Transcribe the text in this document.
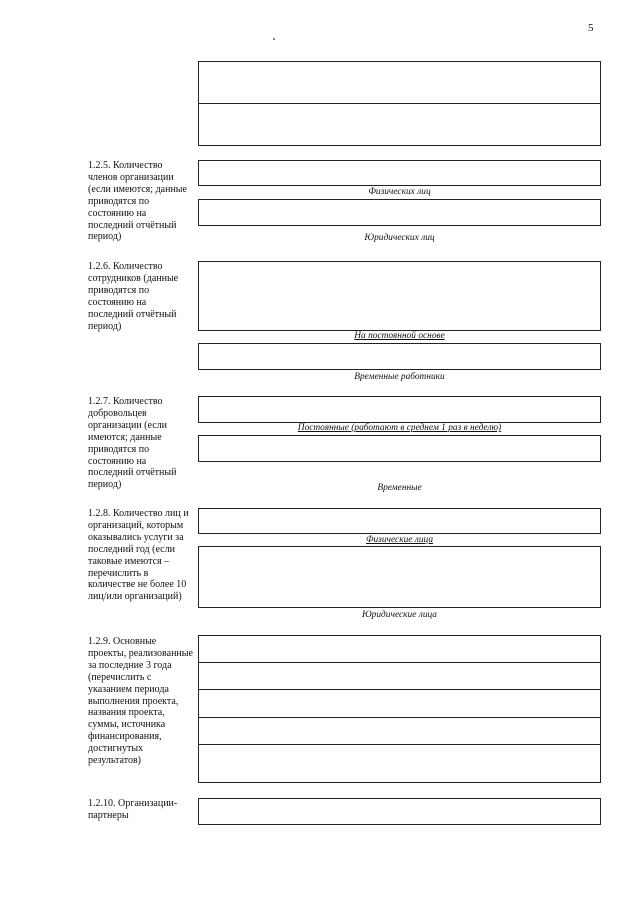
5
1.2.5. Количество членов организации (если имеются; данные приводятся по состоянию на последний отчётный период)
Физических лиц
Юридических лиц
1.2.6. Количество сотрудников (данные приводятся по состоянию на последний отчётный период)
На постоянной основе
Временные работники
1.2.7. Количество добровольцев организации (если имеются; данные приводятся по состоянию на последний отчётный период)
Постоянные (работают в среднем 1 раз в неделю)
Временные
1.2.8. Количество лиц и организаций, которым оказывались услуги за последний год (если таковые имеются – перечислить в количестве не более 10 лиц/или организаций)
Физические лица
Юридические лица
1.2.9. Основные проекты, реализованные за последние 3 года (перечислить с указанием периода выполнения проекта, названия проекта, суммы, источника финансирования, достигнутых результатов)
1.2.10. Организации-партнеры
